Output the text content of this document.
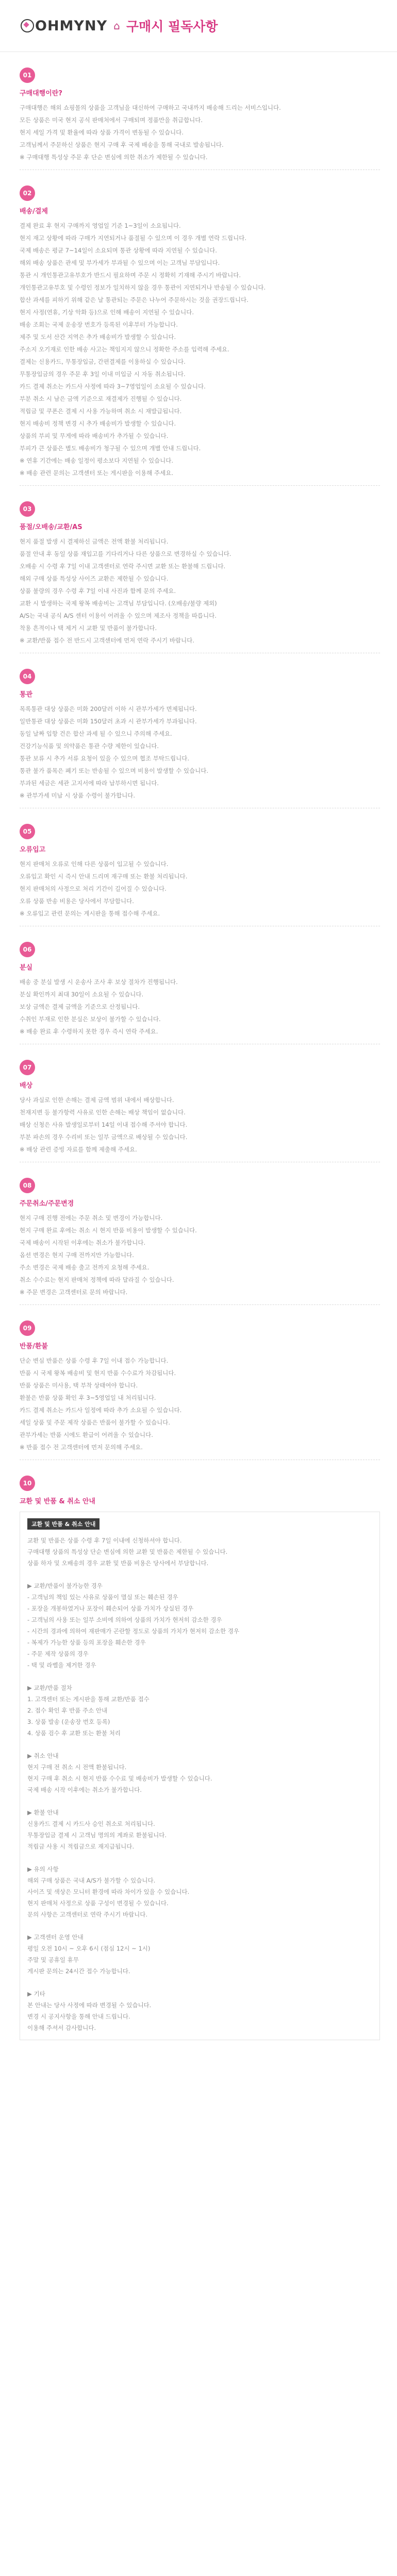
OHMYNY ⌂ 구매시 필독사항
01
구매대행이란?
구매대행은 해외 쇼핑몰의 상품을 고객님을 대신하여 구매하고 국내까지 배송해 드리는 서비스입니다.
모든 상품은 미국 현지 공식 판매처에서 구매되며 정품만을 취급합니다.
현지 세일 가격 및 환율에 따라 상품 가격이 변동될 수 있습니다.
고객님께서 주문하신 상품은 현지 구매 후 국제 배송을 통해 국내로 발송됩니다.
※ 구매대행 특성상 주문 후 단순 변심에 의한 취소가 제한될 수 있습니다.
02
배송/결제
결제 완료 후 현지 구매까지 영업일 기준 1~3일이 소요됩니다.
현지 재고 상황에 따라 구매가 지연되거나 품절될 수 있으며 이 경우 개별 연락 드립니다.
국제 배송은 평균 7~14일이 소요되며 통관 상황에 따라 지연될 수 있습니다.
해외 배송 상품은 관세 및 부가세가 부과될 수 있으며 이는 고객님 부담입니다.
통관 시 개인통관고유부호가 반드시 필요하며 주문 시 정확히 기재해 주시기 바랍니다.
개인통관고유부호 및 수령인 정보가 일치하지 않을 경우 통관이 지연되거나 반송될 수 있습니다.
합산 과세를 피하기 위해 같은 날 통관되는 주문은 나누어 주문하시는 것을 권장드립니다.
현지 사정(연휴, 기상 악화 등)으로 인해 배송이 지연될 수 있습니다.
배송 조회는 국제 운송장 번호가 등록된 이후부터 가능합니다.
제주 및 도서 산간 지역은 추가 배송비가 발생할 수 있습니다.
주소지 오기재로 인한 배송 사고는 책임지지 않으니 정확한 주소를 입력해 주세요.
결제는 신용카드, 무통장입금, 간편결제를 이용하실 수 있습니다.
무통장입금의 경우 주문 후 3일 이내 미입금 시 자동 취소됩니다.
카드 결제 취소는 카드사 사정에 따라 3~7영업일이 소요될 수 있습니다.
부분 취소 시 남은 금액 기준으로 재결제가 진행될 수 있습니다.
적립금 및 쿠폰은 결제 시 사용 가능하며 취소 시 재발급됩니다.
현지 배송비 정책 변경 시 추가 배송비가 발생할 수 있습니다.
상품의 부피 및 무게에 따라 배송비가 추가될 수 있습니다.
부피가 큰 상품은 별도 배송비가 청구될 수 있으며 개별 안내 드립니다.
※ 연휴 기간에는 배송 일정이 평소보다 지연될 수 있습니다.
※ 배송 관련 문의는 고객센터 또는 게시판을 이용해 주세요.
03
품절/오배송/교환/AS
현지 품절 발생 시 결제하신 금액은 전액 환불 처리됩니다.
품절 안내 후 동일 상품 재입고를 기다리거나 다른 상품으로 변경하실 수 있습니다.
오배송 시 수령 후 7일 이내 고객센터로 연락 주시면 교환 또는 환불해 드립니다.
해외 구매 상품 특성상 사이즈 교환은 제한될 수 있습니다.
상품 불량의 경우 수령 후 7일 이내 사진과 함께 문의 주세요.
교환 시 발생하는 국제 왕복 배송비는 고객님 부담입니다. (오배송/불량 제외)
A/S는 국내 공식 A/S 센터 이용이 어려울 수 있으며 제조사 정책을 따릅니다.
착용 흔적이나 택 제거 시 교환 및 반품이 불가합니다.
※ 교환/반품 접수 전 반드시 고객센터에 먼저 연락 주시기 바랍니다.
04
통관
목록통관 대상 상품은 미화 200달러 이하 시 관부가세가 면제됩니다.
일반통관 대상 상품은 미화 150달러 초과 시 관부가세가 부과됩니다.
동일 날짜 입항 건은 합산 과세 될 수 있으니 주의해 주세요.
건강기능식품 및 의약품은 통관 수량 제한이 있습니다.
통관 보류 시 추가 서류 요청이 있을 수 있으며 협조 부탁드립니다.
통관 불가 품목은 폐기 또는 반송될 수 있으며 비용이 발생할 수 있습니다.
부과된 세금은 세관 고지서에 따라 납부하시면 됩니다.
※ 관부가세 미납 시 상품 수령이 불가합니다.
05
오류입고
현지 판매처 오류로 인해 다른 상품이 입고될 수 있습니다.
오류입고 확인 시 즉시 안내 드리며 재구매 또는 환불 처리됩니다.
현지 판매처의 사정으로 처리 기간이 길어질 수 있습니다.
오류 상품 반송 비용은 당사에서 부담합니다.
※ 오류입고 관련 문의는 게시판을 통해 접수해 주세요.
06
분실
배송 중 분실 발생 시 운송사 조사 후 보상 절차가 진행됩니다.
분실 확인까지 최대 30일이 소요될 수 있습니다.
보상 금액은 결제 금액을 기준으로 산정됩니다.
수취인 부재로 인한 분실은 보상이 불가할 수 있습니다.
※ 배송 완료 후 수령하지 못한 경우 즉시 연락 주세요.
07
배상
당사 과실로 인한 손해는 결제 금액 범위 내에서 배상합니다.
천재지변 등 불가항력 사유로 인한 손해는 배상 책임이 없습니다.
배상 신청은 사유 발생일로부터 14일 이내 접수해 주셔야 합니다.
부분 파손의 경우 수리비 또는 일부 금액으로 배상될 수 있습니다.
※ 배상 관련 증빙 자료를 함께 제출해 주세요.
08
주문취소/주문변경
현지 구매 진행 전에는 주문 취소 및 변경이 가능합니다.
현지 구매 완료 후에는 취소 시 현지 반품 비용이 발생할 수 있습니다.
국제 배송이 시작된 이후에는 취소가 불가합니다.
옵션 변경은 현지 구매 전까지만 가능합니다.
주소 변경은 국제 배송 출고 전까지 요청해 주세요.
취소 수수료는 현지 판매처 정책에 따라 달라질 수 있습니다.
※ 주문 변경은 고객센터로 문의 바랍니다.
09
반품/환불
단순 변심 반품은 상품 수령 후 7일 이내 접수 가능합니다.
반품 시 국제 왕복 배송비 및 현지 반품 수수료가 차감됩니다.
반품 상품은 미사용, 택 부착 상태여야 합니다.
환불은 반품 상품 확인 후 3~5영업일 내 처리됩니다.
카드 결제 취소는 카드사 일정에 따라 추가 소요될 수 있습니다.
세일 상품 및 주문 제작 상품은 반품이 불가할 수 있습니다.
관부가세는 반품 시에도 환급이 어려울 수 있습니다.
※ 반품 접수 전 고객센터에 먼저 문의해 주세요.
10
교환 및 반품 & 취소 안내
교환 및 반품 & 취소 안내
교환 및 반품은 상품 수령 후 7일 이내에 신청하셔야 합니다.
구매대행 상품의 특성상 단순 변심에 의한 교환 및 반품은 제한될 수 있습니다.
상품 하자 및 오배송의 경우 교환 및 반품 비용은 당사에서 부담합니다.

▶ 교환/반품이 불가능한 경우
- 고객님의 책임 있는 사유로 상품이 멸실 또는 훼손된 경우
- 포장을 개봉하였거나 포장이 훼손되어 상품 가치가 상실된 경우
- 고객님의 사용 또는 일부 소비에 의하여 상품의 가치가 현저히 감소한 경우
- 시간의 경과에 의하여 재판매가 곤란할 정도로 상품의 가치가 현저히 감소한 경우
- 복제가 가능한 상품 등의 포장을 훼손한 경우
- 주문 제작 상품의 경우
- 택 및 라벨을 제거한 경우

▶ 교환/반품 절차
1. 고객센터 또는 게시판을 통해 교환/반품 접수
2. 접수 확인 후 반품 주소 안내
3. 상품 발송 (운송장 번호 등록)
4. 상품 검수 후 교환 또는 환불 처리

▶ 취소 안내
현지 구매 전 취소 시 전액 환불됩니다.
현지 구매 후 취소 시 현지 반품 수수료 및 배송비가 발생할 수 있습니다.
국제 배송 시작 이후에는 취소가 불가합니다.

▶ 환불 안내
신용카드 결제 시 카드사 승인 취소로 처리됩니다.
무통장입금 결제 시 고객님 명의의 계좌로 환불됩니다.
적립금 사용 시 적립금으로 재지급됩니다.

▶ 유의 사항
해외 구매 상품은 국내 A/S가 불가할 수 있습니다.
사이즈 및 색상은 모니터 환경에 따라 차이가 있을 수 있습니다.
현지 판매처 사정으로 상품 구성이 변경될 수 있습니다.
문의 사항은 고객센터로 연락 주시기 바랍니다.

▶ 고객센터 운영 안내
평일 오전 10시 ~ 오후 6시 (점심 12시 ~ 1시)
주말 및 공휴일 휴무
게시판 문의는 24시간 접수 가능합니다.

▶ 기타
본 안내는 당사 사정에 따라 변경될 수 있습니다.
변경 시 공지사항을 통해 안내 드립니다.
이용해 주셔서 감사합니다.
